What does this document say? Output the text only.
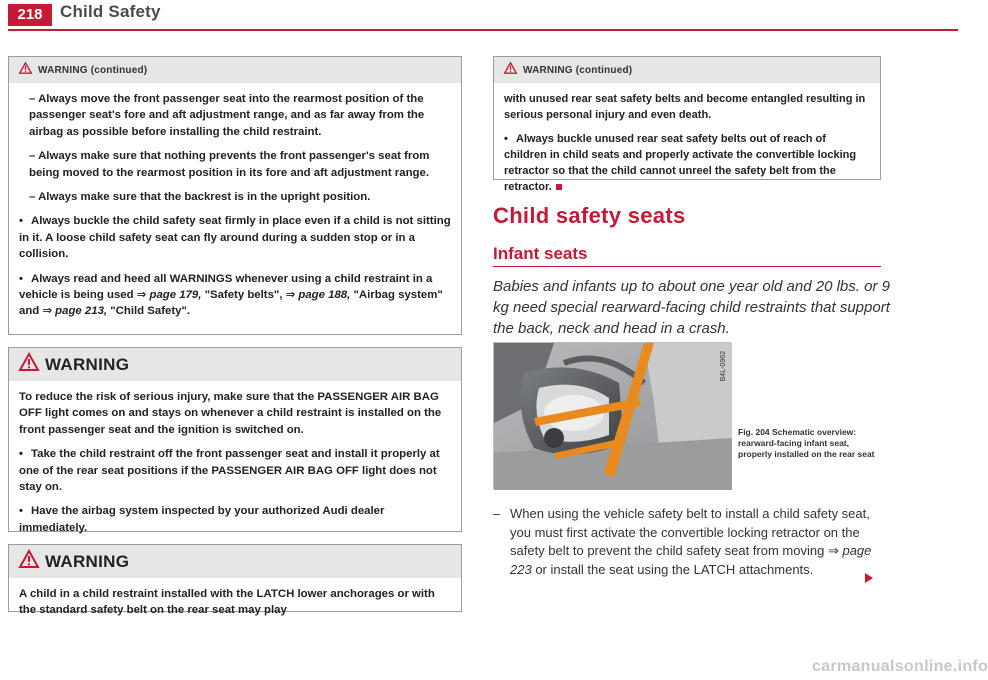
218	Child Safety
WARNING (continued)

– Always move the front passenger seat into the rearmost position of the passenger seat's fore and aft adjustment range, and as far away from the airbag as possible before installing the child restraint.

– Always make sure that nothing prevents the front passenger's seat from being moved to the rearmost position in its fore and aft adjustment range.

– Always make sure that the backrest is in the upright position.

• Always buckle the child safety seat firmly in place even if a child is not sitting in it. A loose child safety seat can fly around during a sudden stop or in a collision.

• Always read and heed all WARNINGS whenever using a child restraint in a vehicle is being used ⇒ page 179, "Safety belts", ⇒ page 188, "Airbag system" and ⇒ page 213, "Child Safety".

WARNING

To reduce the risk of serious injury, make sure that the PASSENGER AIR BAG OFF light comes on and stays on whenever a child restraint is installed on the front passenger seat and the ignition is switched on.

• Take the child restraint off the front passenger seat and install it properly at one of the rear seat positions if the PASSENGER AIR BAG OFF light does not stay on.

• Have the airbag system inspected by your authorized Audi dealer immediately.

WARNING

A child in a child restraint installed with the LATCH lower anchorages or with the standard safety belt on the rear seat may play

WARNING (continued)

with unused rear seat safety belts and become entangled resulting in serious personal injury and even death.

• Always buckle unused rear seat safety belts out of reach of children in child seats and properly activate the convertible locking retractor so that the child cannot unreel the safety belt from the retractor.

Child safety seats
Infant seats
Babies and infants up to about one year old and 20 lbs. or 9 kg need special rearward-facing child restraints that support the back, neck and head in a crash.
B4L-0962
Fig. 204 Schematic overview: rearward-facing infant seat, properly installed on the rear seat
– When using the vehicle safety belt to install a child safety seat, you must first activate the convertible locking retractor on the safety belt to prevent the child safety seat from moving ⇒ page 223 or install the seat using the LATCH attachments.
carmanualsonline.info
